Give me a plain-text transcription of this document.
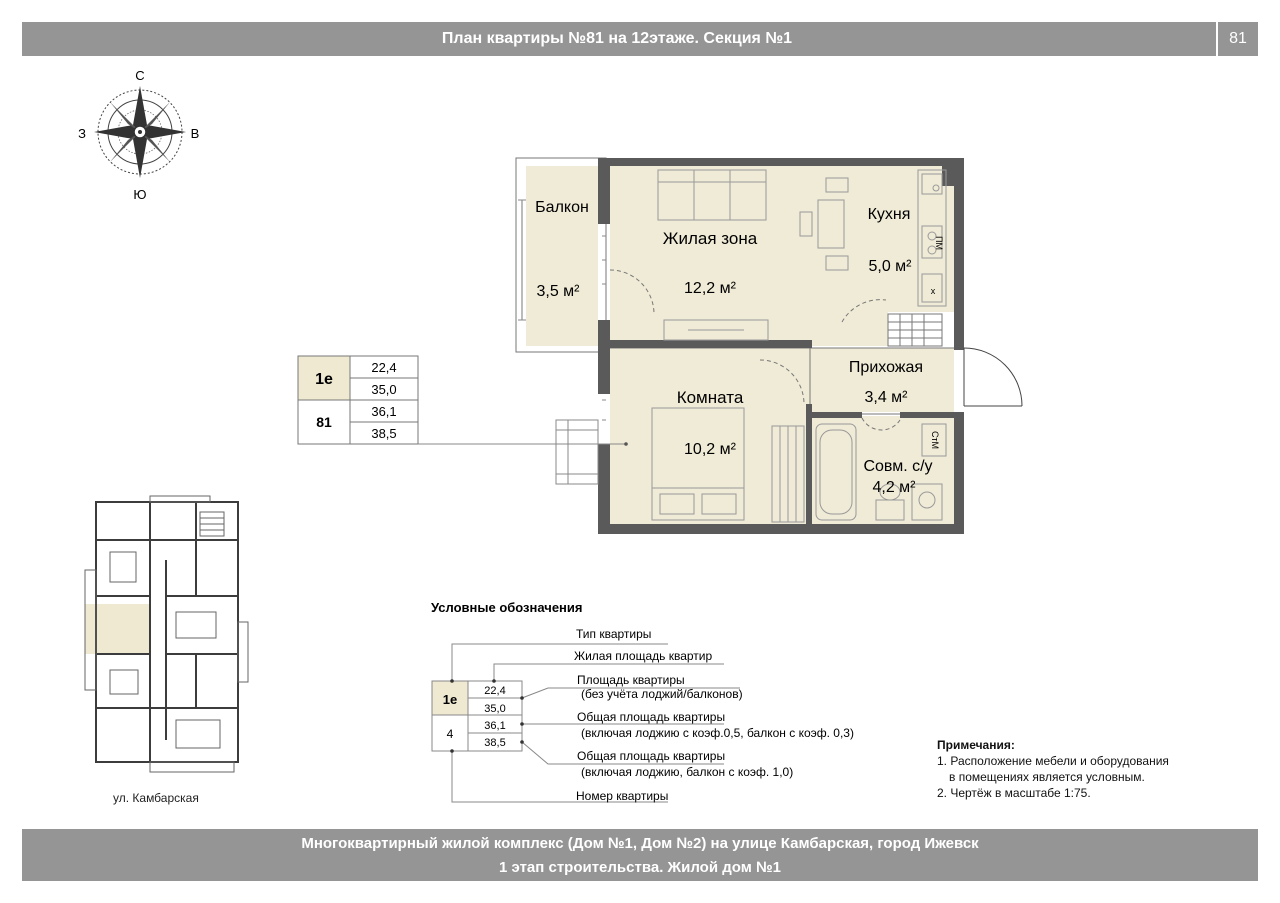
План квартиры №81 на 12этаже. Секция №1	81
С
Ю
З	В
Балкон
3,5 м²
Жилая зона
12,2 м²
Кухня
5,0 м²
Прихожая
3,4 м²
Комната
10,2 м²
Совм. с/у
4,2 м²
ПМ
х
СтМ
1е
81
22,4
35,0
36,1
38,5
Условные обозначения
1е
4
22,4
35,0
36,1
38,5
Тип квартиры
Жилая площадь квартир
Площадь квартиры
(без учёта лоджий/балконов)
Общая площадь квартиры
(включая лоджию с коэф.0,5, балкон с коэф. 0,3)
Общая площадь квартиры
(включая лоджию, балкон с коэф. 1,0)
Номер квартиры
ул. Камбарская
Примечания:
1. Расположение мебели и оборудования
в помещениях является условным.
2. Чертёж в масштабе 1:75.
Многоквартирный жилой комплекс (Дом №1, Дом №2) на улице Камбарская, город Ижевск
1 этап строительства. Жилой дом №1
